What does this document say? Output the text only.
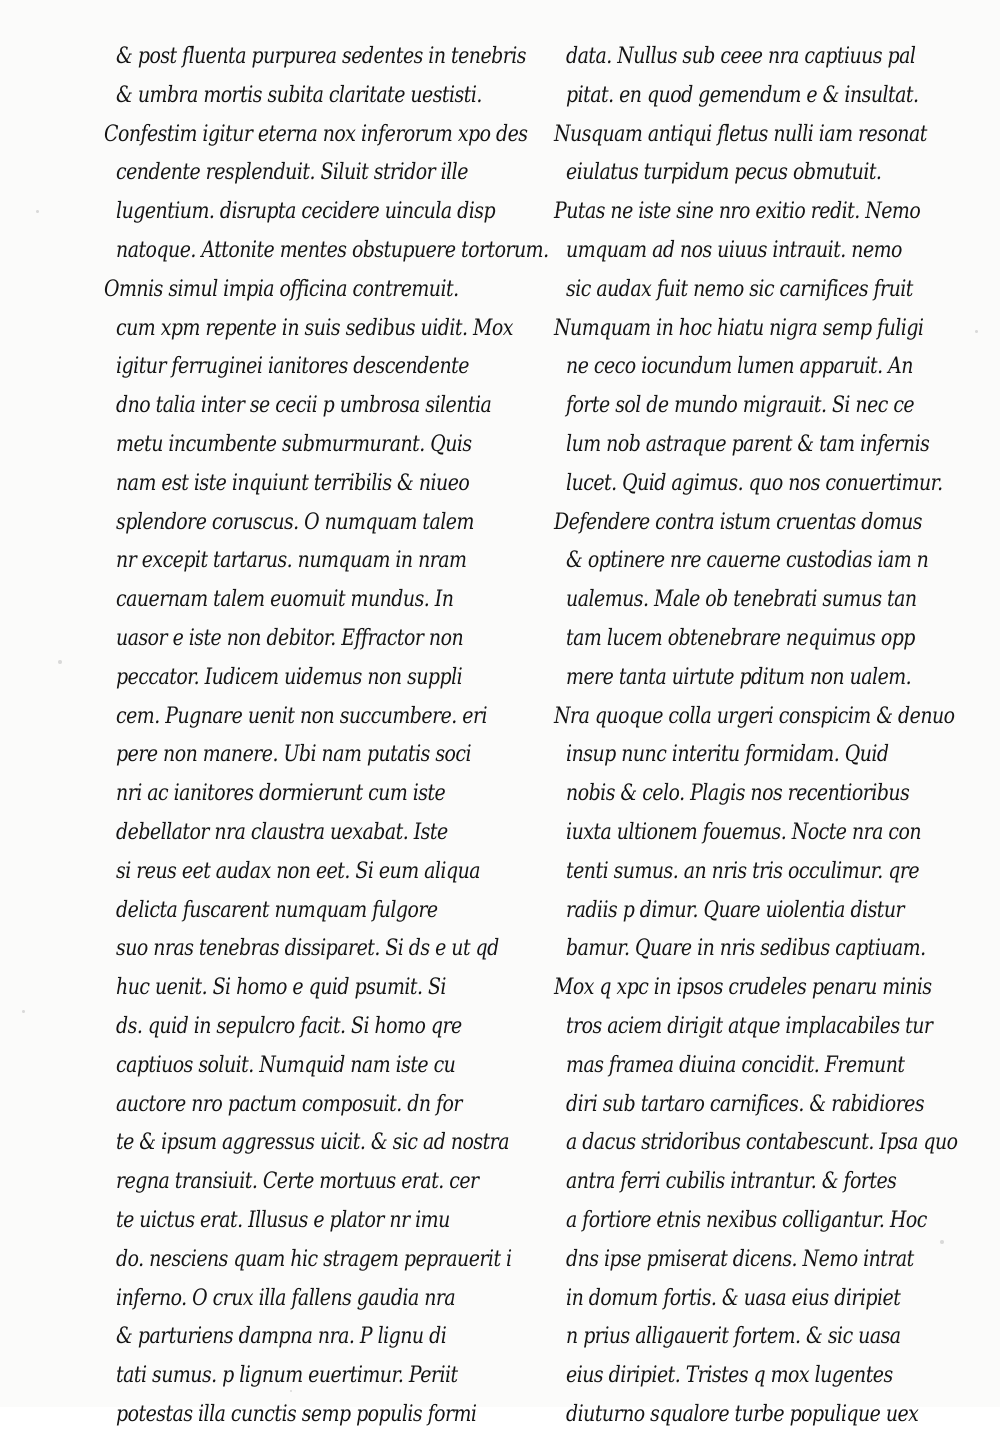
& post fluenta purpurea sedentes in tenebris
& umbra mortis subita claritate uestisti.
Confestim igitur eterna nox inferorum xpo des
cendente resplenduit. Siluit stridor ille
lugentium. disrupta cecidere uincula disp
natoque. Attonite mentes obstupuere tortorum.
Omnis simul impia officina contremuit.
cum xpm repente in suis sedibus uidit. Mox
igitur ferruginei ianitores descendente
dno talia inter se cecii p umbrosa silentia
metu incumbente submurmurant. Quis
nam est iste inquiunt terribilis & niueo
splendore coruscus. O numquam talem
nr excepit tartarus. numquam in nram
cauernam talem euomuit mundus. In
uasor e iste non debitor. Effractor non
peccator. Iudicem uidemus non suppli
cem. Pugnare uenit non succumbere. eri
pere non manere. Ubi nam putatis soci
nri ac ianitores dormierunt cum iste
debellator nra claustra uexabat. Iste
si reus eet audax non eet. Si eum aliqua
delicta fuscarent numquam fulgore
suo nras tenebras dissiparet. Si ds e ut qd
huc uenit. Si homo e quid psumit. Si
ds. quid in sepulcro facit. Si homo qre
captiuos soluit. Numquid nam iste cu
auctore nro pactum composuit. dn for
te & ipsum aggressus uicit. & sic ad nostra
regna transiuit. Certe mortuus erat. cer
te uictus erat. Illusus e plator nr imu
do. nesciens quam hic stragem peprauerit i
inferno. O crux illa fallens gaudia nra
& parturiens dampna nra. P lignu di
tati sumus. p lignum euertimur. Periit
potestas illa cunctis semp populis formi
data. Nullus sub ceee nra captiuus pal
pitat. en quod gemendum e & insultat.
Nusquam antiqui fletus nulli iam resonat
eiulatus turpidum pecus obmutuit.
Putas ne iste sine nro exitio redit. Nemo
umquam ad nos uiuus intrauit. nemo
sic audax fuit nemo sic carnifices fruit
Numquam in hoc hiatu nigra semp fuligi
ne ceco iocundum lumen apparuit. An
forte sol de mundo migrauit. Si nec ce
lum nob astraque parent & tam infernis
lucet. Quid agimus. quo nos conuertimur.
Defendere contra istum cruentas domus
& optinere nre cauerne custodias iam n
ualemus. Male ob tenebrati sumus tan
tam lucem obtenebrare nequimus opp
mere tanta uirtute pditum non ualem.
Nra quoque colla urgeri conspicim & denuo
insup nunc interitu formidam. Quid
nobis & celo. Plagis nos recentioribus
iuxta ultionem fouemus. Nocte nra con
tenti sumus. an nris tris occulimur. qre
radiis p dimur. Quare uiolentia distur
bamur. Quare in nris sedibus captiuam.
Mox q xpc in ipsos crudeles penaru minis
tros aciem dirigit atque implacabiles tur
mas framea diuina concidit. Fremunt
diri sub tartaro carnifices. & rabidiores
a dacus stridoribus contabescunt. Ipsa quo
antra ferri cubilis intrantur. & fortes
a fortiore etnis nexibus colligantur. Hoc
dns ipse pmiserat dicens. Nemo intrat
in domum fortis. & uasa eius diripiet
n prius alligauerit fortem. & sic uasa
eius diripiet. Tristes q mox lugentes
diuturno squalore turbe populique uex
